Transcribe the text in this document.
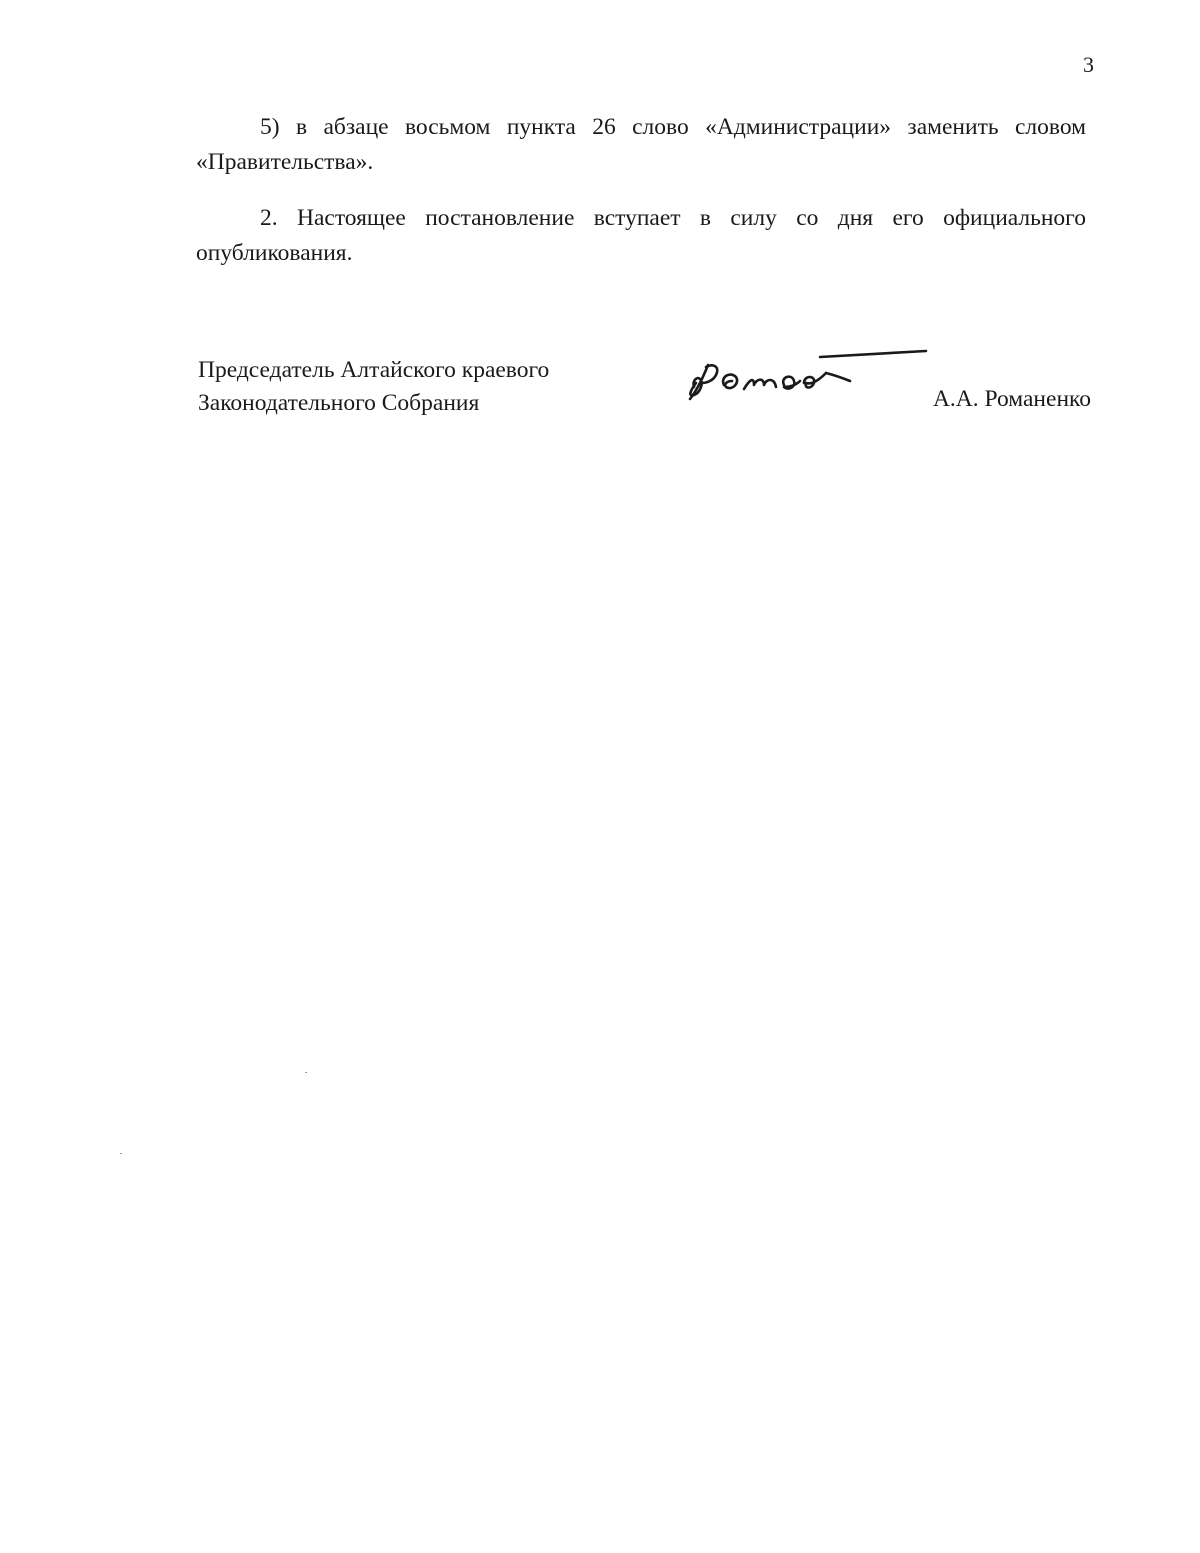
3

5) в абзаце восьмом пункта 26 слово «Администрации» заменить словом «Правительства».

2. Настоящее постановление вступает в силу со дня его официального опубликования.

Председатель Алтайского краевого
Законодательного Собрания	А.А. Романенко
